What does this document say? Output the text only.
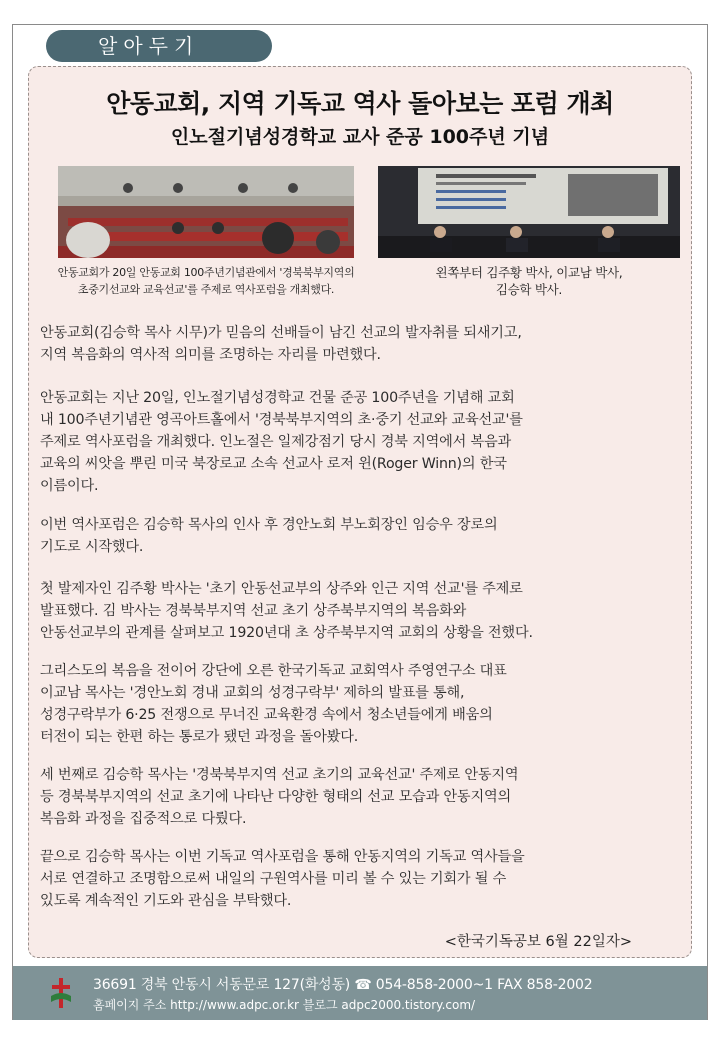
알아두기
안동교회, 지역 기독교 역사 돌아보는 포럼 개최
인노절기념성경학교 교사 준공 100주년 기념
안동교회가 20일 안동교회 100주년기념관에서 '경북북부지역의
초중기선교와 교육선교'를 주제로 역사포럼을 개최했다.
왼쪽부터 김주황 박사, 이교남 박사,
김승학 박사.

안동교회(김승학 목사 시무)가 믿음의 선배들이 남긴 선교의 발자취를 되새기고,

지역 복음화의 역사적 의미를 조명하는 자리를 마련했다.

안동교회는 지난 20일, 인노절기념성경학교 건물 준공 100주년을 기념해 교회

내 100주년기념관 영곡아트홀에서 '경북북부지역의 초·중기 선교와 교육선교'를

주제로 역사포럼을 개최했다. 인노절은 일제강점기 당시 경북 지역에서 복음과

교육의 씨앗을 뿌린 미국 북장로교 소속 선교사 로저 윈(Roger Winn)의 한국

이름이다.

이번 역사포럼은 김승학 목사의 인사 후 경안노회 부노회장인 임승우 장로의

기도로 시작했다.

첫 발제자인 김주황 박사는 '초기 안동선교부의 상주와 인근 지역 선교'를 주제로

발표했다. 김 박사는 경북북부지역 선교 초기 상주북부지역의 복음화와

안동선교부의 관계를 살펴보고 1920년대 초 상주북부지역 교회의 상황을 전했다.

그리스도의 복음을 전이어 강단에 오른 한국기독교 교회역사 주영연구소 대표

이교남 목사는 '경안노회 경내 교회의 성경구락부' 제하의 발표를 통해,

성경구락부가 6·25 전쟁으로 무너진 교육환경 속에서 청소년들에게 배움의

터전이 되는 한편 하는 통로가 됐던 과정을 돌아봤다.

세 번째로 김승학 목사는 '경북북부지역 선교 초기의 교육선교' 주제로 안동지역

등 경북북부지역의 선교 초기에 나타난 다양한 형태의 선교 모습과 안동지역의

복음화 과정을 집중적으로 다뤘다.

끝으로 김승학 목사는 이번 기독교 역사포럼을 통해 안동지역의 기독교 역사들을

서로 연결하고 조명함으로써 내일의 구원역사를 미리 볼 수 있는 기회가 될 수

있도록 계속적인 기도와 관심을 부탁했다.

<한국기독공보 6월 22일자>
36691 경북 안동시 서동문로 127(화성동) ☎ 054-858-2000~1 FAX 858-2002
홈페이지 주소 http://www.adpc.or.kr 블로그 adpc2000.tistory.com/
